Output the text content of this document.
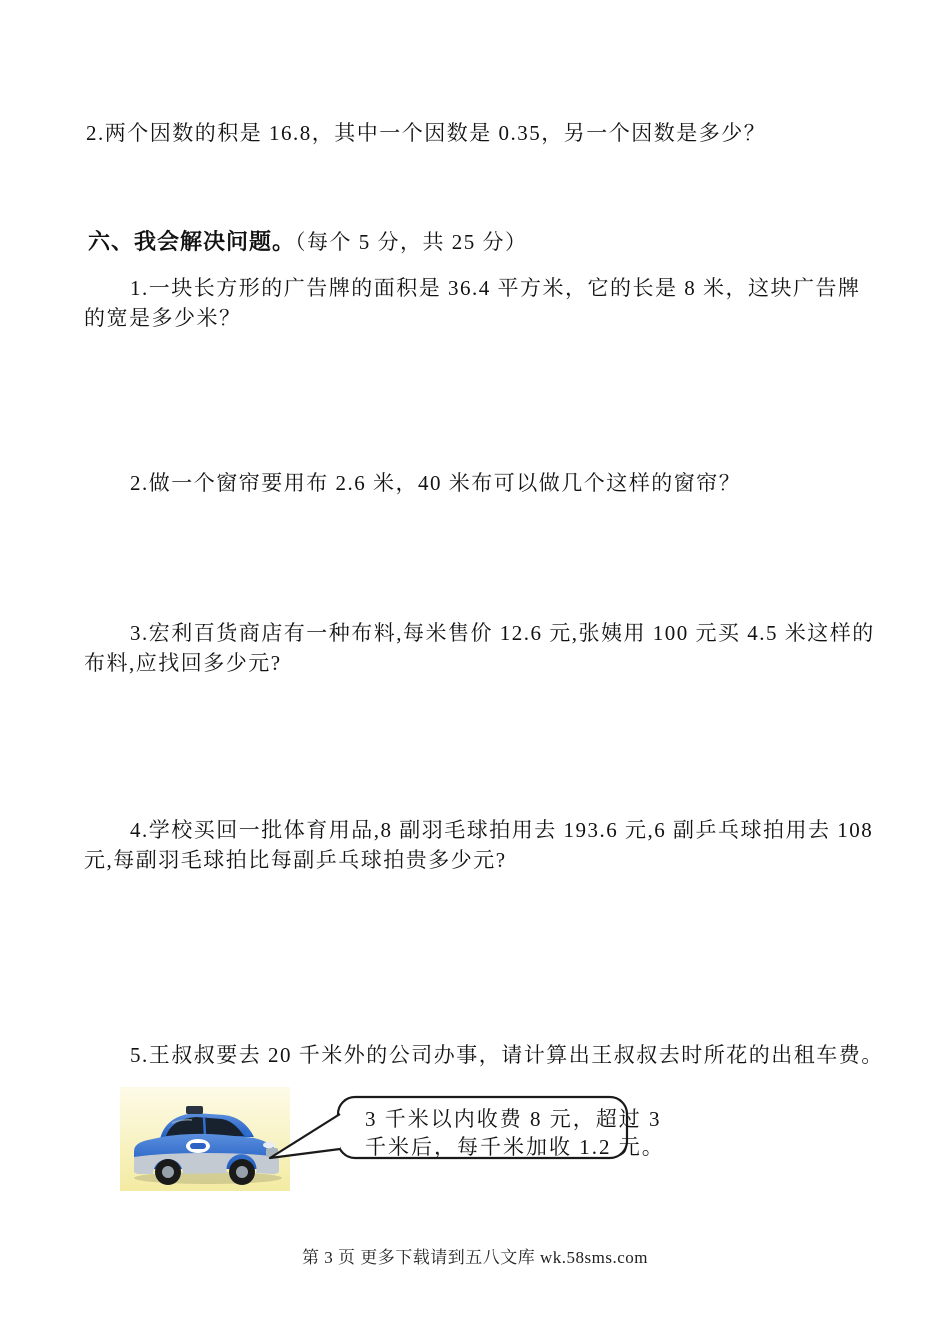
2.两个因数的积是 16.8，其中一个因数是 0.35，另一个因数是多少？
六、我会解决问题。（每个 5 分，共 25 分）
1.一块长方形的广告牌的面积是 36.4 平方米，它的长是 8 米，这块广告牌
的宽是多少米？
2.做一个窗帘要用布 2.6 米，40 米布可以做几个这样的窗帘？
3.宏利百货商店有一种布料,每米售价 12.6 元,张姨用 100 元买 4.5 米这样的
布料,应找回多少元?
4.学校买回一批体育用品,8 副羽毛球拍用去 193.6 元,6 副乒乓球拍用去 108
元,每副羽毛球拍比每副乒乓球拍贵多少元?
5.王叔叔要去 20 千米外的公司办事，请计算出王叔叔去时所花的出租车费。
3 千米以内收费 8 元，超过 3
千米后，每千米加收 1.2 元。
第 3 页 更多下载请到五八文库 wk.58sms.com
